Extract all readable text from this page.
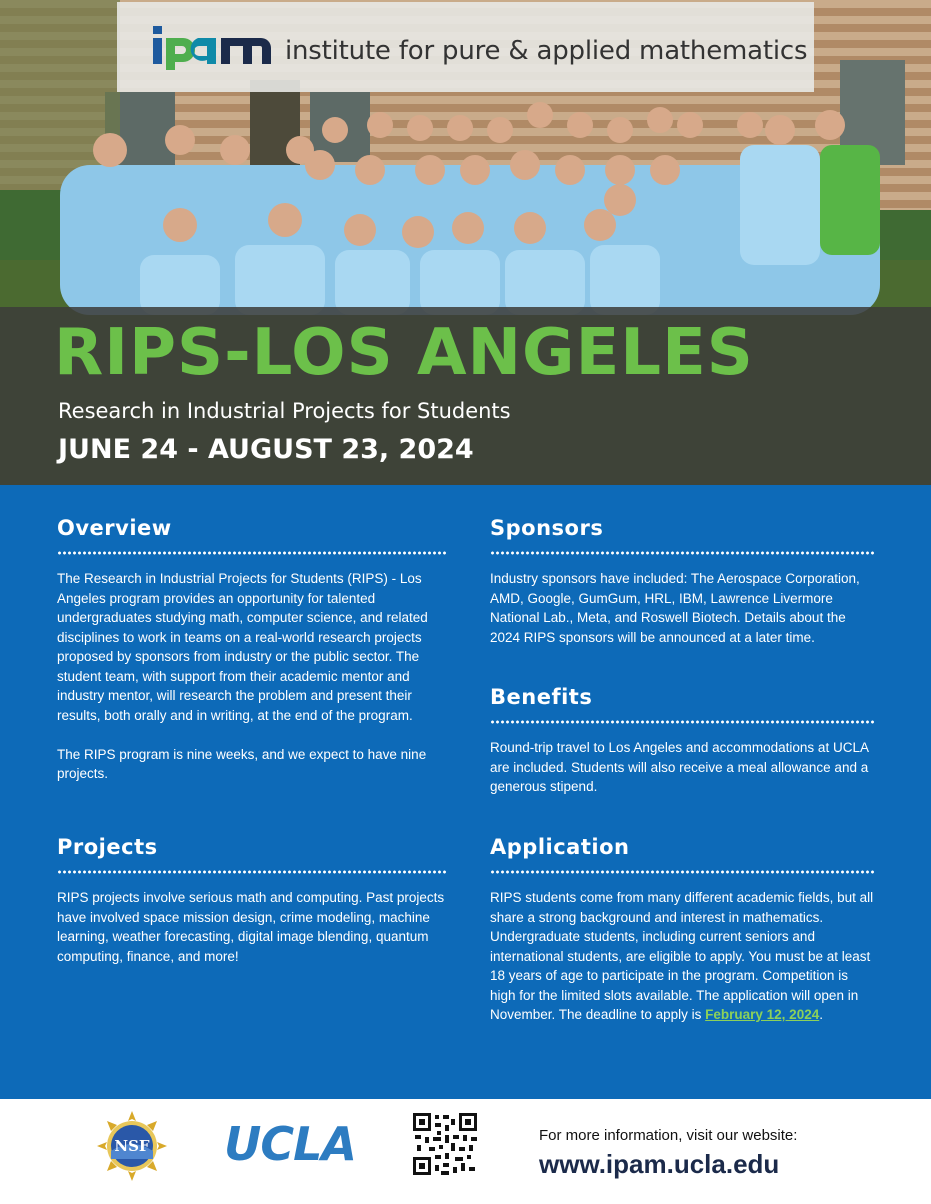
institute for pure & applied mathematics
RIPS-LOS ANGELES
Research in Industrial Projects for Students
JUNE 24 - AUGUST 23, 2024
Overview

The Research in Industrial Projects for Students (RIPS) - Los Angeles program provides an opportunity for talented undergraduates studying math, computer science, and related disciplines to work in teams on a real-world research projects proposed by sponsors from industry or the public sector. The student team, with support from their academic mentor and industry mentor, will research the problem and present their results, both orally and in writing, at the end of the program.

The RIPS program is nine weeks, and we expect to have nine projects.

Sponsors

Industry sponsors have included: The Aerospace Corporation, AMD, Google, GumGum, HRL, IBM, Lawrence Livermore National Lab., Meta, and Roswell Biotech. Details about the 2024 RIPS sponsors will be announced at a later time.

Benefits

Round-trip travel to Los Angeles and accommodations at UCLA are included. Students will also receive a meal allowance and a generous stipend.

Projects

RIPS projects involve serious math and computing. Past projects have involved space mission design, crime modeling, machine learning, weather forecasting, digital image blending, quantum computing, finance, and more!

Application

RIPS students come from many different academic fields, but all share a strong background and interest in mathematics. Undergraduate students, including current seniors and international students, are eligible to apply. You must be at least 18 years of age to participate in the program. Competition is high for the limited slots available. The application will open in November. The deadline to apply is February 12, 2024.

NSF UCLA	For more information, visit our website:
www.ipam.ucla.edu
